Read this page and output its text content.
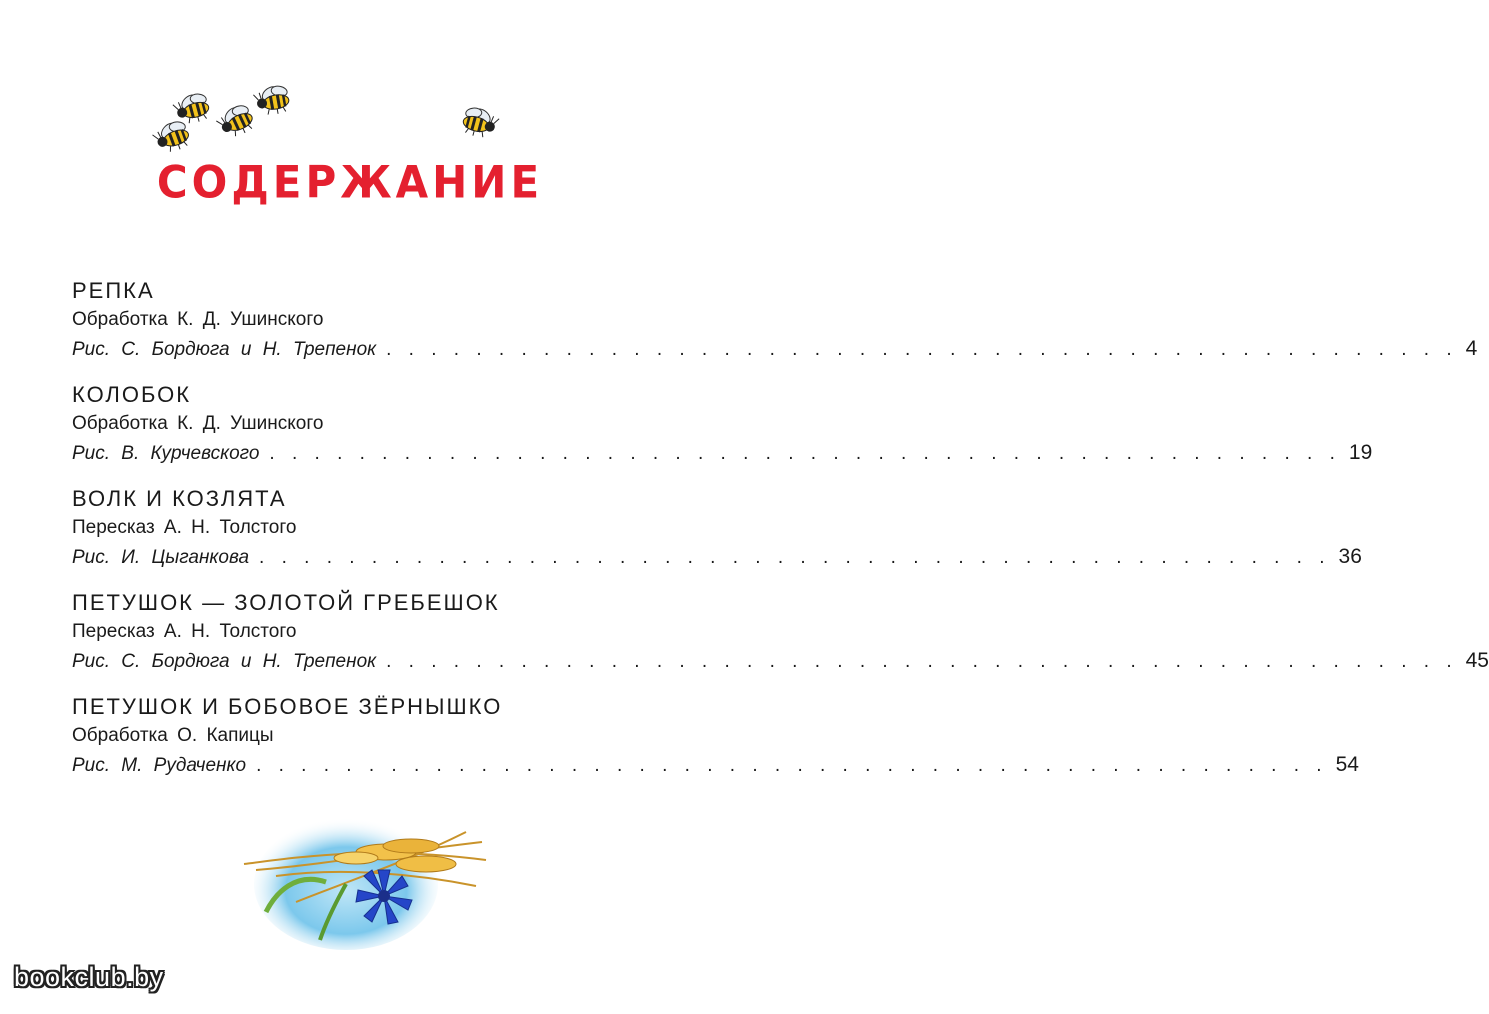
СОДЕРЖАНИЕ
РЕПКА
Обработка К. Д. Ушинского
Рис. С. Бордюга и Н. Трепенок . . . . . . . . . . . . . . . . . . . . . . . . . . . . . . . . . . . . . . . . . . . . . . . . 4
КОЛОБОК
Обработка К. Д. Ушинского
Рис. В. Курчевского . . . . . . . . . . . . . . . . . . . . . . . . . . . . . . . . . . . . . . . . . . . . . . . . 19
ВОЛК И КОЗЛЯТА
Пересказ А. Н. Толстого
Рис. И. Цыганкова . . . . . . . . . . . . . . . . . . . . . . . . . . . . . . . . . . . . . . . . . . . . . . . . 36
ПЕТУШОК — ЗОЛОТОЙ ГРЕБЕШОК
Пересказ А. Н. Толстого
Рис. С. Бордюга и Н. Трепенок . . . . . . . . . . . . . . . . . . . . . . . . . . . . . . . . . . . . . . . . . . . . . . . . 45
ПЕТУШОК И БОБОВОЕ ЗЁРНЫШКО
Обработка О. Капицы
Рис. М. Рудаченко . . . . . . . . . . . . . . . . . . . . . . . . . . . . . . . . . . . . . . . . . . . . . . . . 54
bookclub.by
